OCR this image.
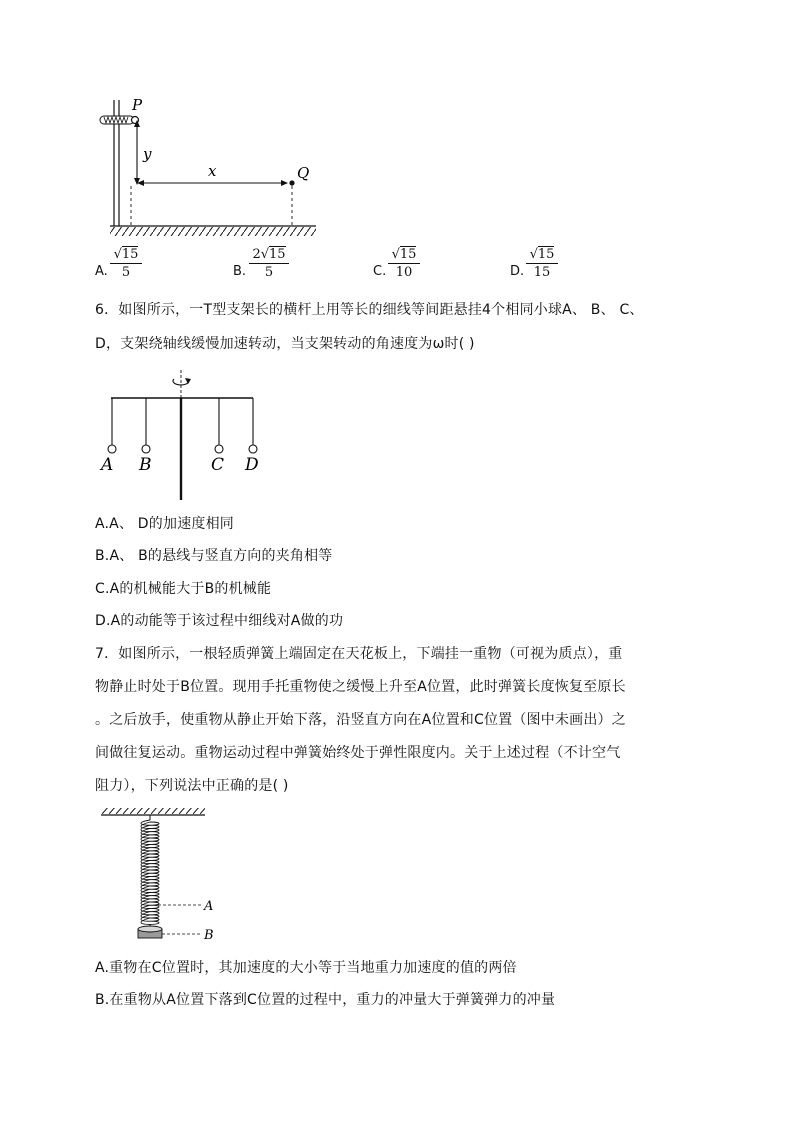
P
y
x	Q
A. $\frac{√15}{5}$	B. $\frac{2√15}{5}$	C. $\frac{√15}{10}$	D. $\frac{√15}{15}$
6．如图所示，一T型支架长的横杆上用等长的细线等间距悬挂4个相同小球A、 B、 C、
D，支架绕轴线缓慢加速转动，当支架转动的角速度为ω时( )
A B	C D
A.A、 D的加速度相同
B.A、 B的悬线与竖直方向的夹角相等
C.A的机械能大于B的机械能
D.A的动能等于该过程中细线对A做的功
7．如图所示，一根轻质弹簧上端固定在天花板上，下端挂一重物（可视为质点），重
物静止时处于B位置。现用手托重物使之缓慢上升至A位置，此时弹簧长度恢复至原长
。之后放手，使重物从静止开始下落，沿竖直方向在A位置和C位置（图中未画出）之
间做往复运动。重物运动过程中弹簧始终处于弹性限度内。关于上述过程（不计空气
阻力），下列说法中正确的是( )
A
B
A.重物在C位置时，其加速度的大小等于当地重力加速度的值的两倍
B.在重物从A位置下落到C位置的过程中，重力的冲量大于弹簧弹力的冲量
